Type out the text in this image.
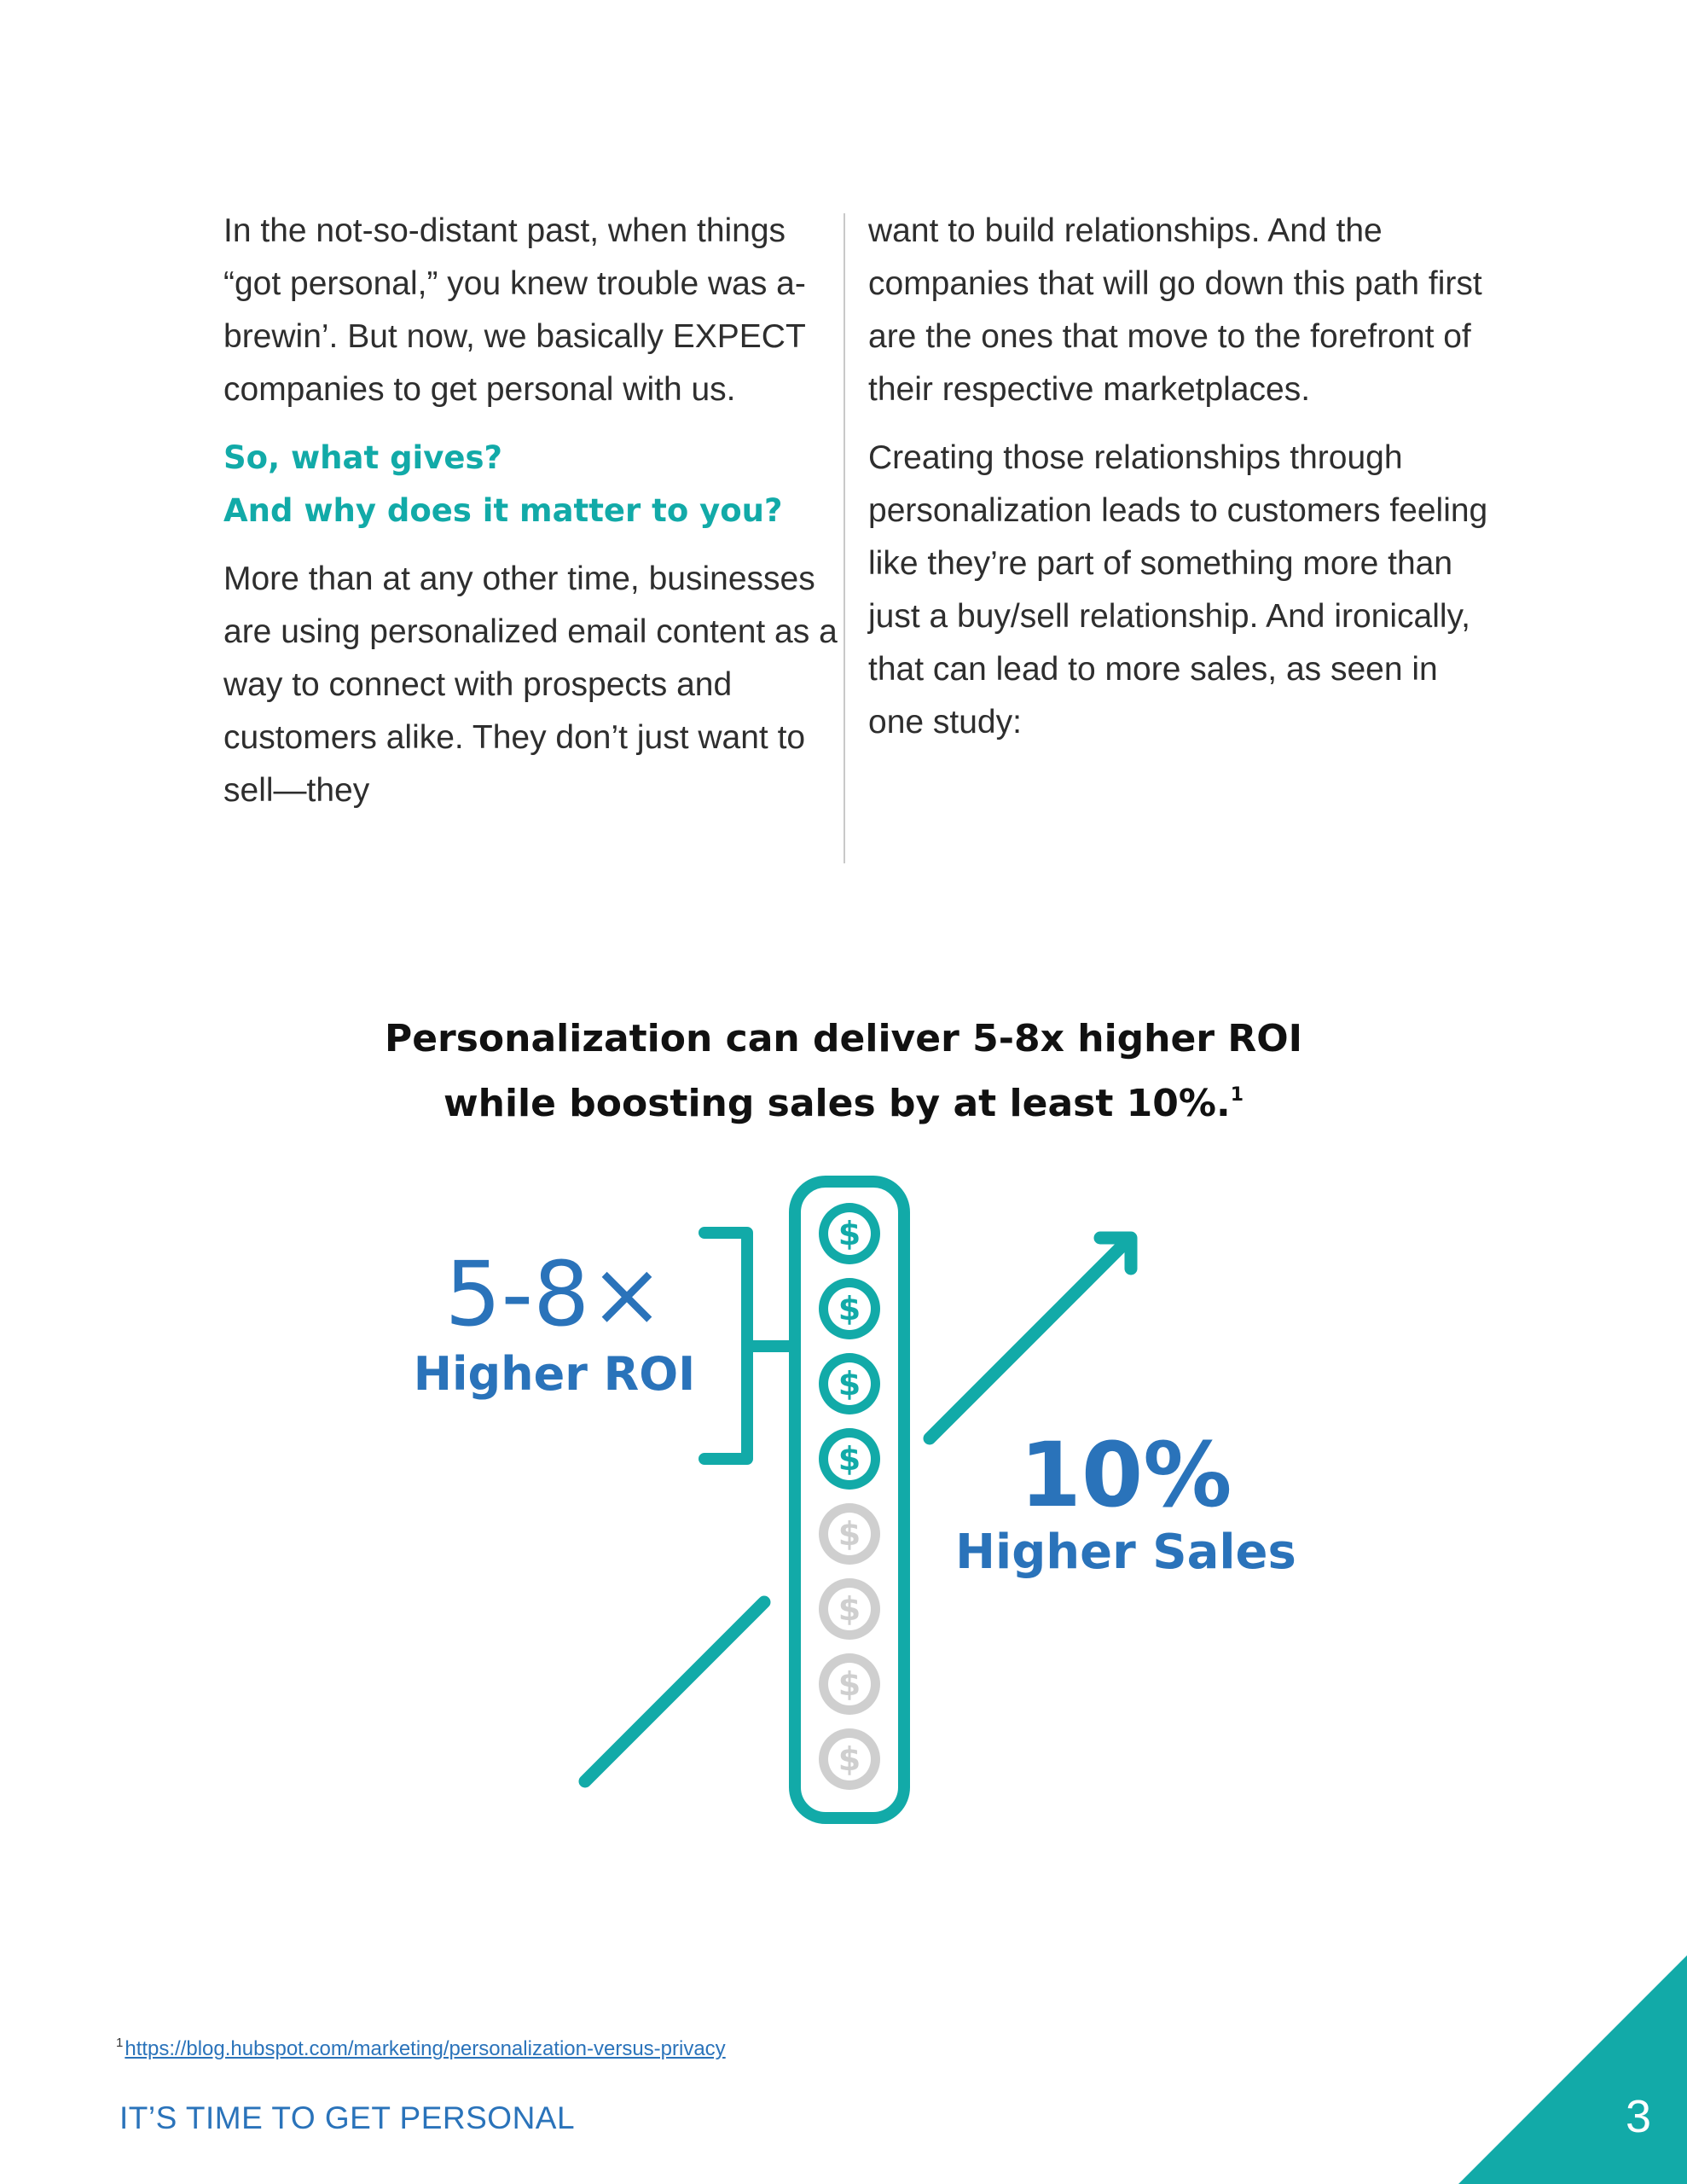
In the not-so-distant past, when things “got personal,” you knew trouble was a-brewin’. But now, we basically EXPECT companies to get personal with us.

So, what gives?
And why does it matter to you?

More than at any other time, businesses are using personalized email content as a way to connect with prospects and customers alike. They don’t just want to sell—they

want to build relationships. And the companies that will go down this path first are the ones that move to the forefront of their respective marketplaces.

Creating those relationships through personalization leads to customers feeling like they’re part of something more than just a buy/sell relationship. And ironically, that can lead to more sales, as seen in one study:

Personalization can deliver 5-8x higher ROI
while boosting sales by at least 10%.$^1$
$
$
$
$
$
$
$
$
5-8×
Higher ROI
10%
Higher Sales
$^1$https://blog.hubspot.com/marketing/personalization-versus-privacy
IT’S TIME TO GET PERSONAL	3
